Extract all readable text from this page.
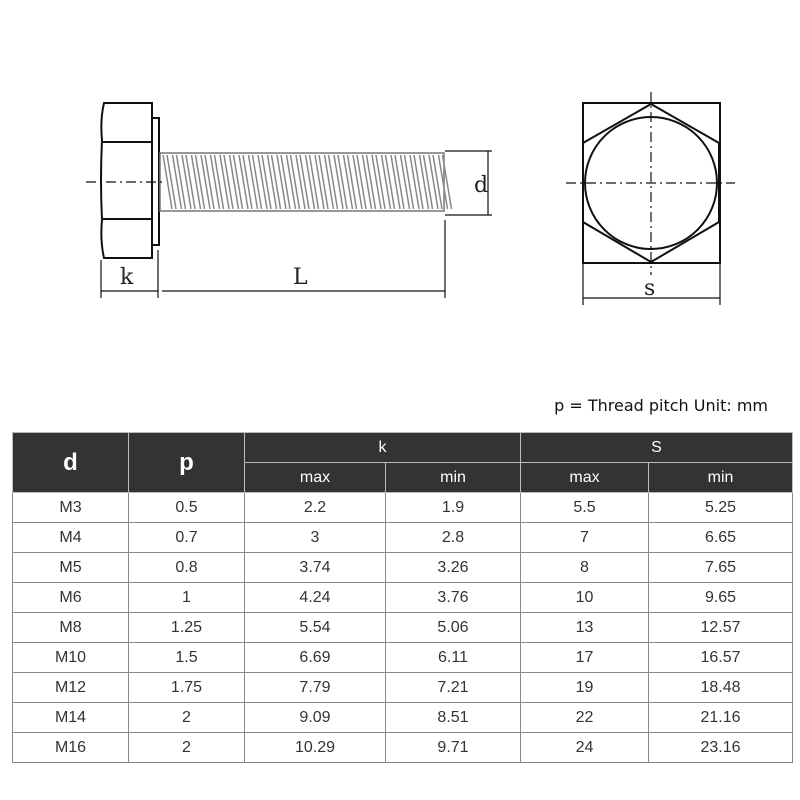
k	L
d
s
p = Thread pitch Unit: mm
d	p	k		S	
		max	min	max	min
M3	0.5	2.2	1.9	5.5	5.25
M4	0.7	3	2.8	7	6.65
M5	0.8	3.74	3.26	8	7.65
M6	1	4.24	3.76	10	9.65
M8	1.25	5.54	5.06	13	12.57
M10	1.5	6.69	6.11	17	16.57
M12	1.75	7.79	7.21	19	18.48
M14	2	9.09	8.51	22	21.16
M16	2	10.29	9.71	24	23.16
